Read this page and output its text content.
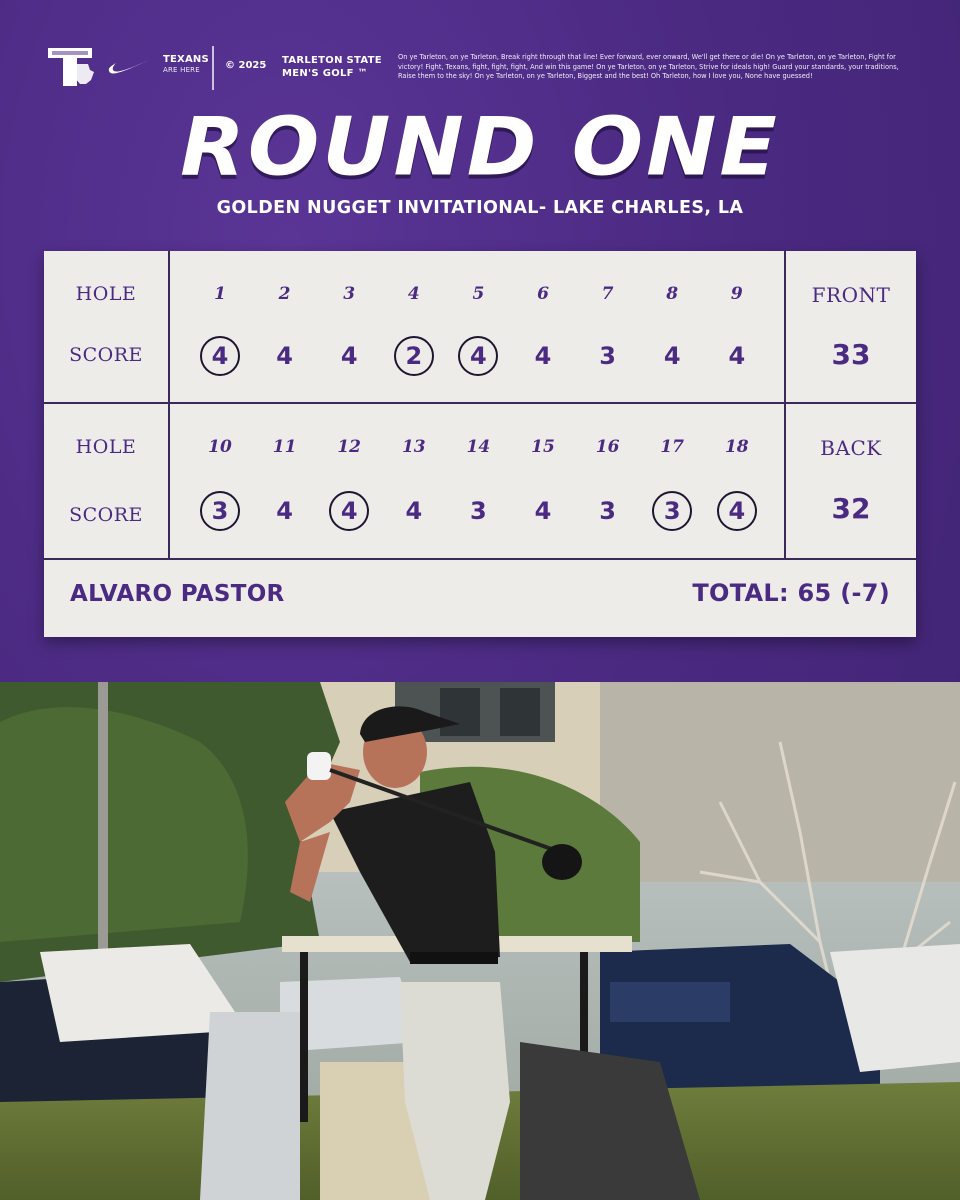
TEXANS
ARE HERE	© 2025 TARLETON STATE
MEN'S GOLF ™
On ye Tarleton, on ye Tarleton, Break right through that line! Ever forward, ever onward, We'll get there or die! On ye Tarleton, on ye Tarleton, Fight for victory! Fight, Texans, fight, fight, fight, And win this game! On ye Tarleton, on ye Tarleton, Strive for ideals high! Guard your standards, your traditions, Raise them to the sky! On ye Tarleton, on ye Tarleton, Biggest and the best! Oh Tarleton, how I love you, None have guessed!
ROUND ONE
GOLDEN NUGGET INVITATIONAL- LAKE CHARLES, LA
HOLE
SCORE
HOLE
SCORE
1
4
2
4
3
4
4
2
5
4
6
4
7
3
8
4
9
4
10
3
11
4
12
4
13
4
14
3
15
4
16
3
17
3
18
4
FRONT
33
BACK
32
ALVARO PASTOR	TOTAL: 65 (-7)
